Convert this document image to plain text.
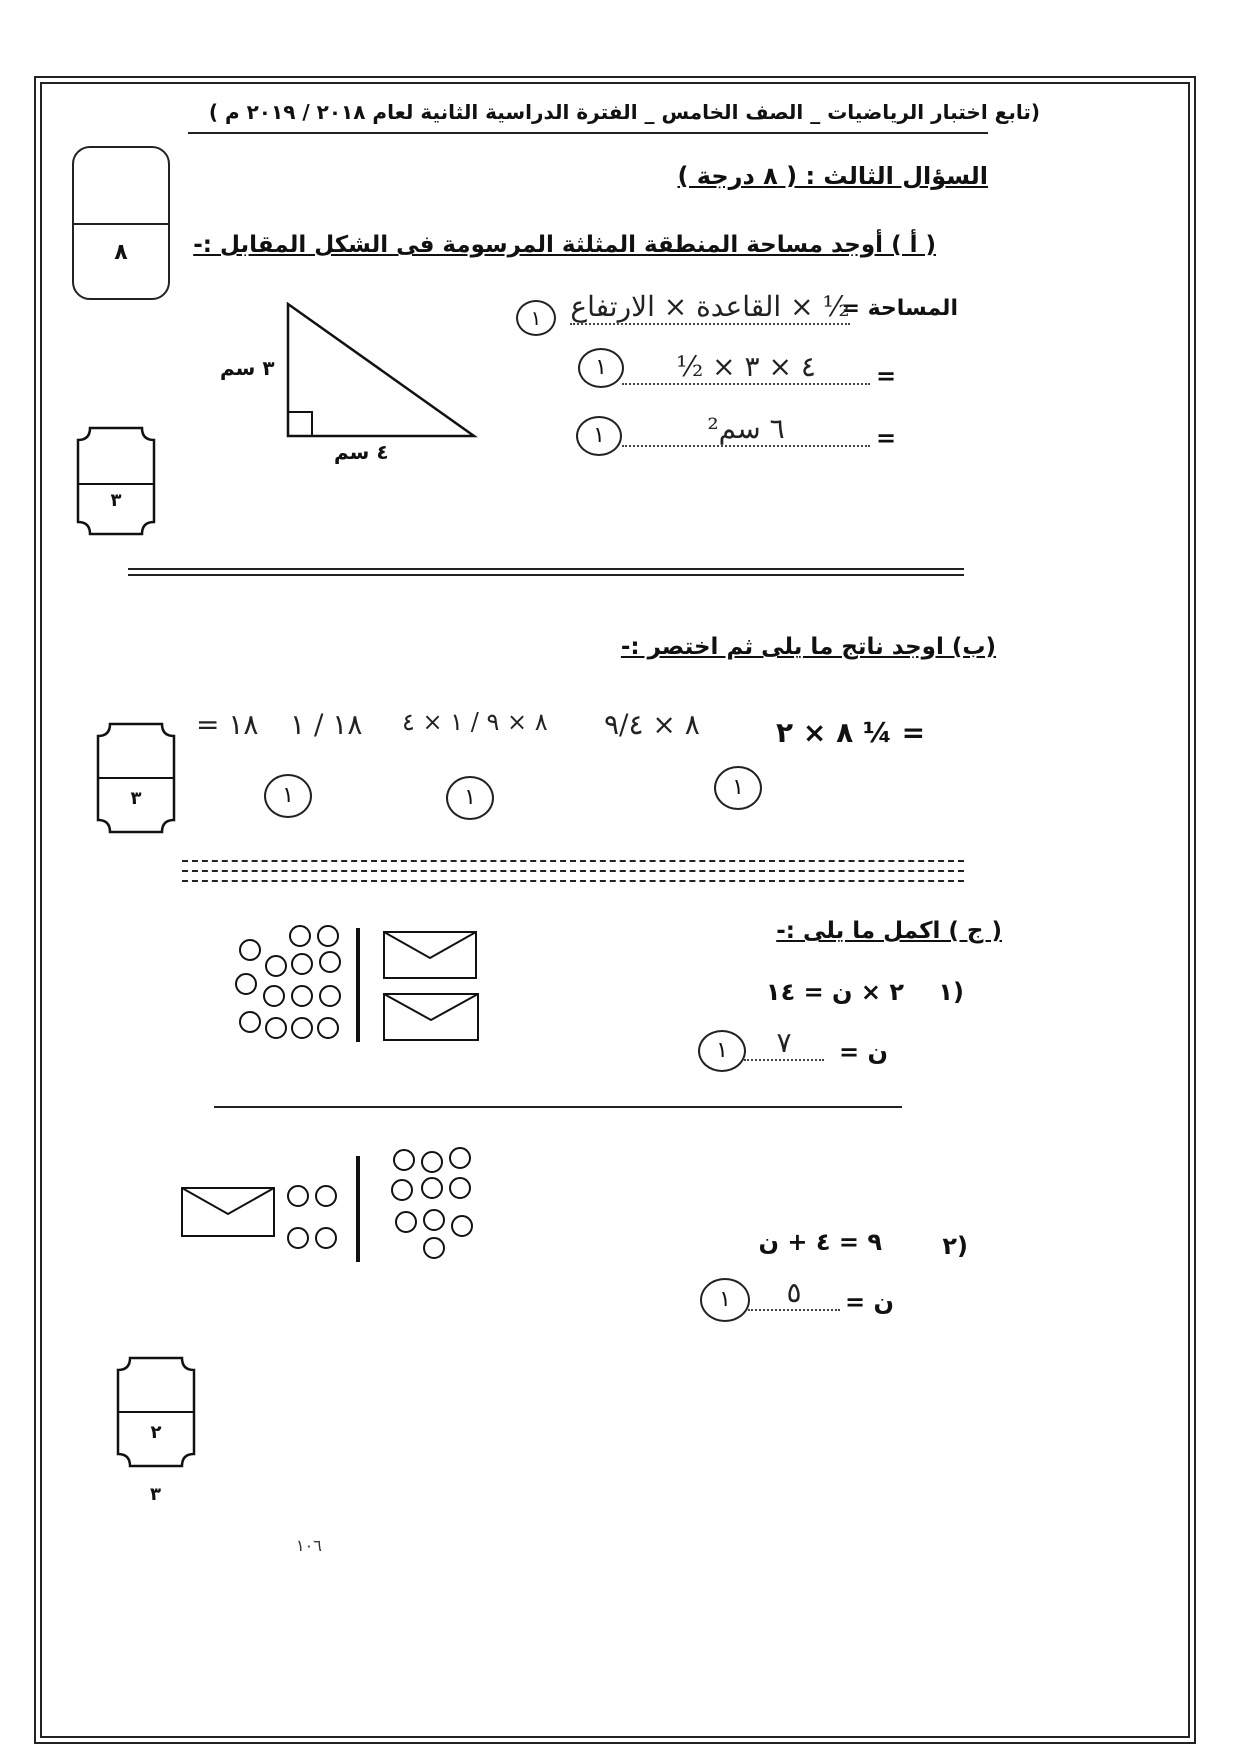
(تابع اختبار الرياضيات _ الصف الخامس _ الفترة الدراسية الثانية لعام ٢٠١٨ / ٢٠١٩ م )
٨
السؤال الثالث : ( ٨ درجة )
( أ ) أوجد مساحة المنطقة المثلثة المرسومة فى الشكل المقابل :-
٣ سم
٤ سم
المساحة =
½ × القاعدة × الارتفاع
١
=
½ × ٤ × ٣
١
=
٦ سم²
١
٣
(ب) اوجد ناتج ما يلى ثم اختصر :-
٣
٨ × ٢ ¼ =
٨ × ٩/٤
٨ × ٩ / ١ × ٤
١٨ / ١
= ١٨
١	١	١
( ج ) اكمل ما يلى :-
١)
٢ × ن = ١٤
ن =
٧
١
٢)
٩ = ٤ + ن
ن =
٥
١
٢
٣
١٠٦
